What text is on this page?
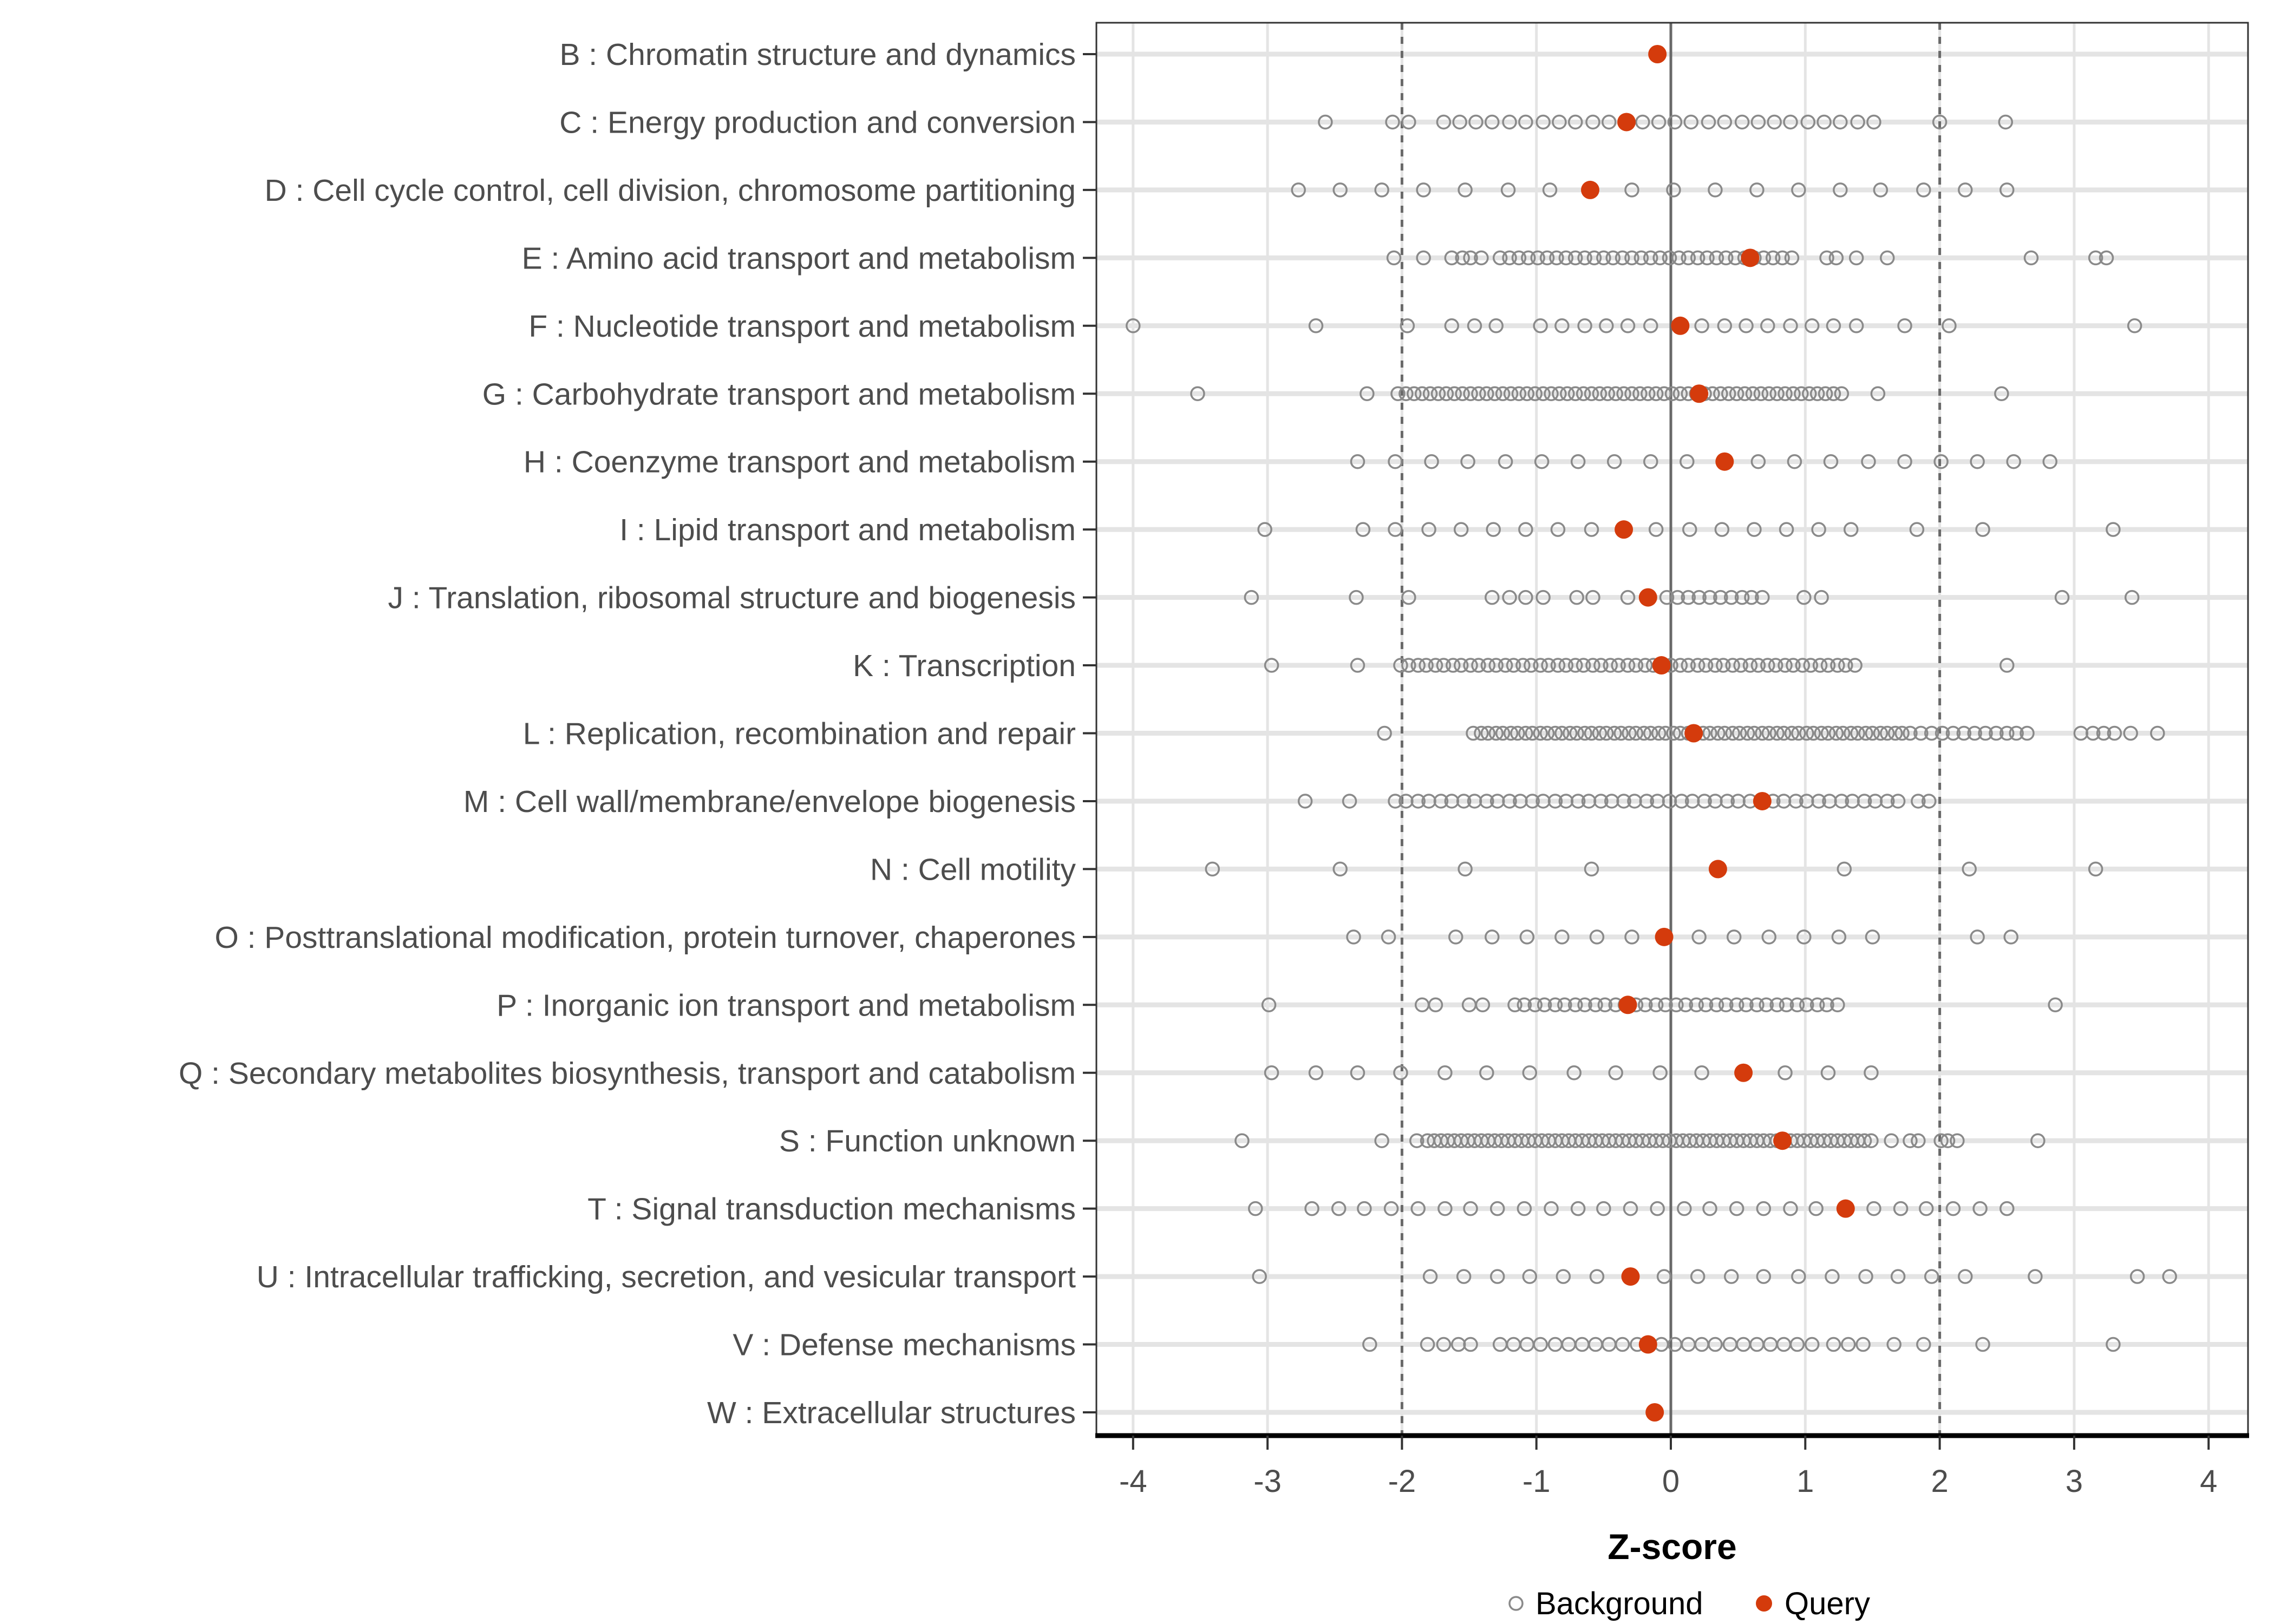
-4	-3	-2	-1	0	1	2	3	4
B : Chromatin structure and dynamics
C : Energy production and conversion
D : Cell cycle control, cell division, chromosome partitioning
E : Amino acid transport and metabolism
F : Nucleotide transport and metabolism
G : Carbohydrate transport and metabolism
H : Coenzyme transport and metabolism
I : Lipid transport and metabolism
J : Translation, ribosomal structure and biogenesis
K : Transcription
L : Replication, recombination and repair
M : Cell wall/membrane/envelope biogenesis
N : Cell motility
O : Posttranslational modification, protein turnover, chaperones
P : Inorganic ion transport and metabolism
Q : Secondary metabolites biosynthesis, transport and catabolism
S : Function unknown
T : Signal transduction mechanisms
U : Intracellular trafficking, secretion, and vesicular transport
V : Defense mechanisms
W : Extracellular structures
Z-score
Background	Query
